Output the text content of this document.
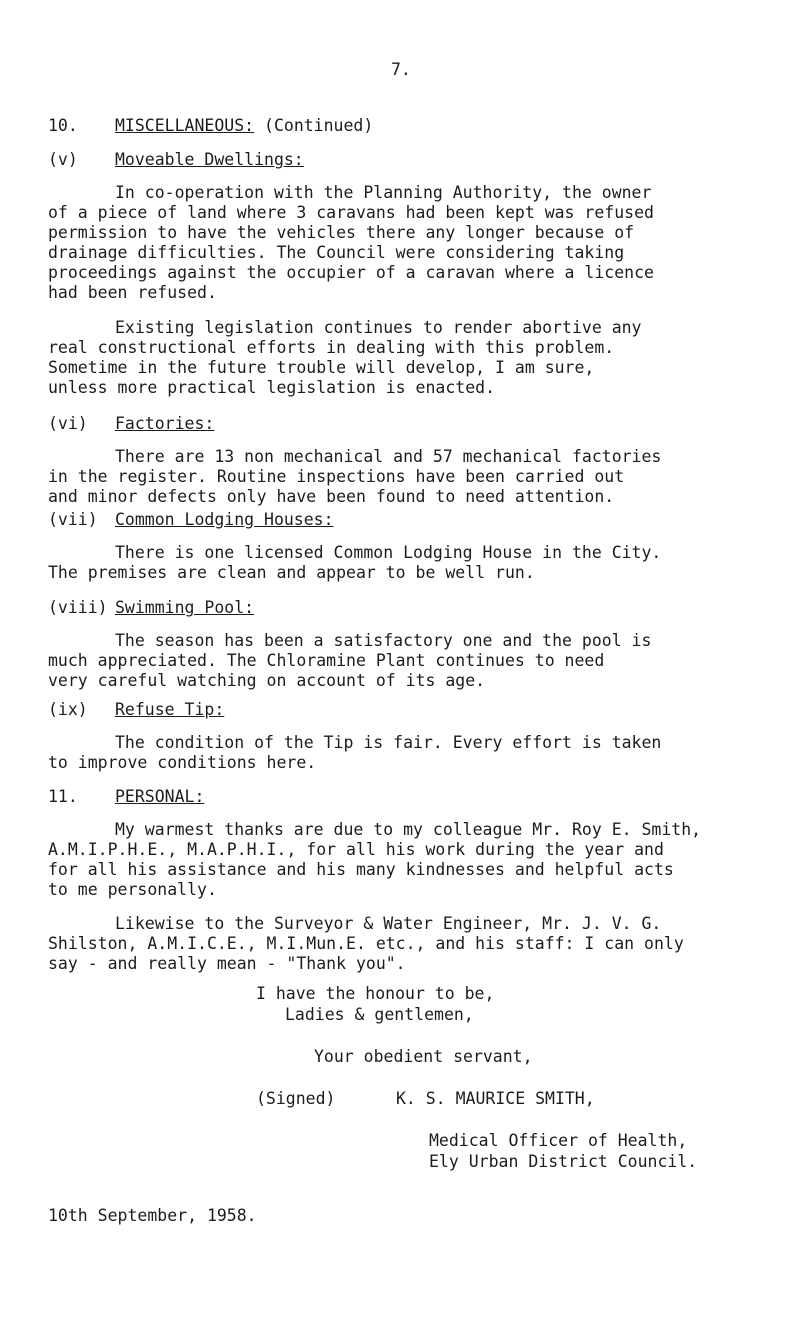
7.
10. MISCELLANEOUS: (Continued)
(v) Moveable Dwellings:
In co-operation with the Planning Authority, the owner
of a piece of land where 3 caravans had been kept was refused
permission to have the vehicles there any longer because of
drainage difficulties. The Council were considering taking
proceedings against the occupier of a caravan where a licence
had been refused.
Existing legislation continues to render abortive any
real constructional efforts in dealing with this problem.
Sometime in the future trouble will develop, I am sure,
unless more practical legislation is enacted.
(vi) Factories:
There are 13 non mechanical and 57 mechanical factories
in the register. Routine inspections have been carried out
and minor defects only have been found to need attention.
(vii) Common Lodging Houses:
There is one licensed Common Lodging House in the City.
The premises are clean and appear to be well run.
(viii) Swimming Pool:
The season has been a satisfactory one and the pool is
much appreciated. The Chloramine Plant continues to need
very careful watching on account of its age.
(ix) Refuse Tip:
The condition of the Tip is fair. Every effort is taken
to improve conditions here.
11. PERSONAL:
My warmest thanks are due to my colleague Mr. Roy E. Smith,
A.M.I.P.H.E., M.A.P.H.I., for all his work during the year and
for all his assistance and his many kindnesses and helpful acts
to me personally.
Likewise to the Surveyor & Water Engineer, Mr. J. V. G.
Shilston, A.M.I.C.E., M.I.Mun.E. etc., and his staff: I can only
say - and really mean - "Thank you".
I have the honour to be,
Ladies & gentlemen,
Your obedient servant,
(Signed)	K. S. MAURICE SMITH,
Medical Officer of Health,
Ely Urban District Council.
10th September, 1958.
